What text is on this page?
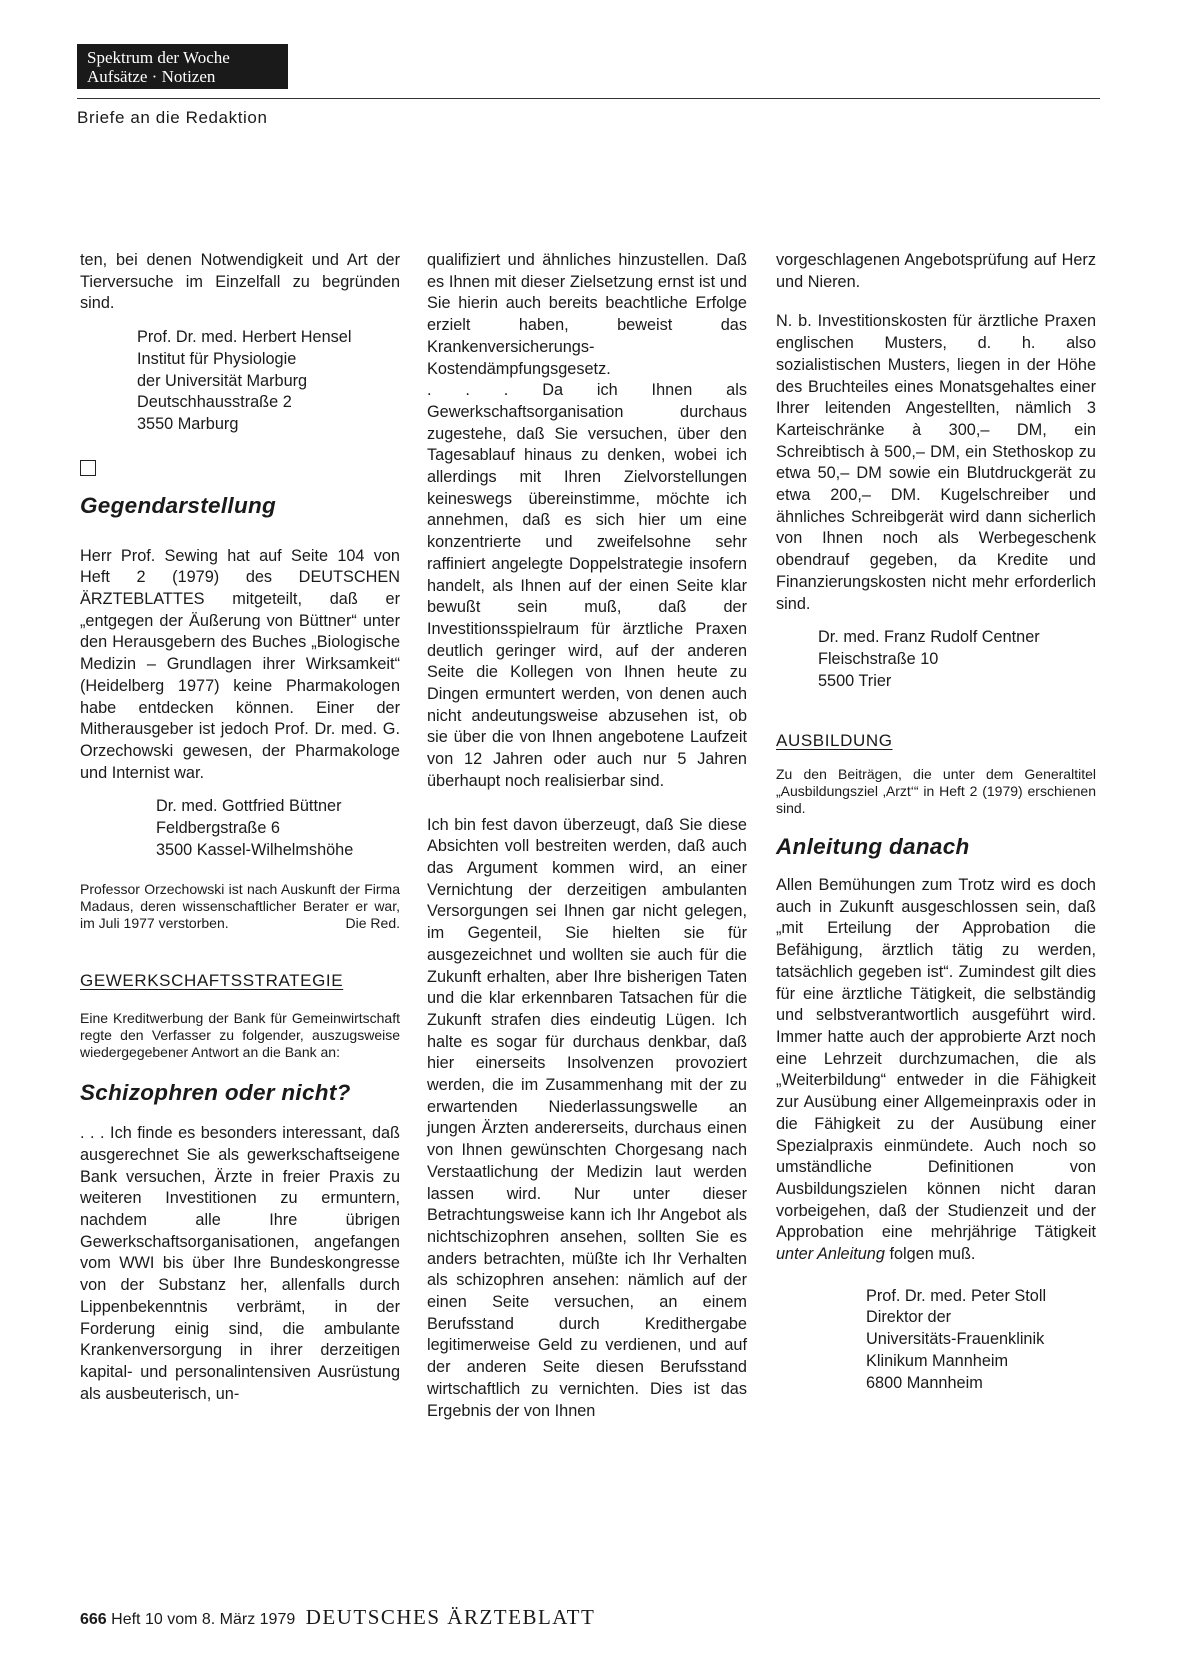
Spektrum der Woche
Aufsätze · Notizen
Briefe an die Redaktion

ten, bei denen Notwendigkeit und Art der Tierversuche im Einzelfall zu begründen sind.

Prof. Dr. med. Herbert Hensel
Institut für Physiologie
der Universität Marburg
Deutschhausstraße 2
3550 Marburg
Gegendarstellung

Herr Prof. Sewing hat auf Seite 104 von Heft 2 (1979) des DEUTSCHEN ÄRZTEBLATTES mitgeteilt, daß er „entgegen der Äußerung von Büttner“ unter den Herausgebern des Buches „Biologische Medizin – Grundlagen ihrer Wirksamkeit“ (Heidelberg 1977) keine Pharmakologen habe entdecken können. Einer der Mitherausgeber ist jedoch Prof. Dr. med. G. Orzechowski gewesen, der Pharmakologe und Internist war.

Dr. med. Gottfried Büttner
Feldbergstraße 6
3500 Kassel-Wilhelmshöhe

Professor Orzechowski ist nach Auskunft der Firma Madaus, deren wissenschaftlicher Berater er war, im Juli 1977 verstorben.	Die Red.

GEWERKSCHAFTSSTRATEGIE

Eine Kreditwerbung der Bank für Gemeinwirtschaft regte den Verfasser zu folgender, auszugsweise wiedergegebener Antwort an die Bank an:

Schizophren oder nicht?

. . . Ich finde es besonders interessant, daß ausgerechnet Sie als gewerkschaftseigene Bank versuchen, Ärzte in freier Praxis zu weiteren Investitionen zu ermuntern, nachdem alle Ihre übrigen Gewerkschaftsorganisationen, angefangen vom WWI bis über Ihre Bundeskongresse von der Substanz her, allenfalls durch Lippenbekenntnis verbrämt, in der Forderung einig sind, die ambulante Krankenversorgung in ihrer derzeitigen kapital- und personalintensiven Ausrüstung als ausbeuterisch, un-

qualifiziert und ähnliches hinzustellen. Daß es Ihnen mit dieser Zielsetzung ernst ist und Sie hierin auch bereits beachtliche Erfolge erzielt haben, beweist das Krankenversicherungs-Kostendämpfungsgesetz.

. . . Da ich Ihnen als Gewerkschaftsorganisation durchaus zugestehe, daß Sie versuchen, über den Tagesablauf hinaus zu denken, wobei ich allerdings mit Ihren Zielvorstellungen keineswegs übereinstimme, möchte ich annehmen, daß es sich hier um eine konzentrierte und zweifelsohne sehr raffiniert angelegte Doppelstrategie insofern handelt, als Ihnen auf der einen Seite klar bewußt sein muß, daß der Investitionsspielraum für ärztliche Praxen deutlich geringer wird, auf der anderen Seite die Kollegen von Ihnen heute zu Dingen ermuntert werden, von denen auch nicht andeutungsweise abzusehen ist, ob sie über die von Ihnen angebotene Laufzeit von 12 Jahren oder auch nur 5 Jahren überhaupt noch realisierbar sind.

Ich bin fest davon überzeugt, daß Sie diese Absichten voll bestreiten werden, daß auch das Argument kommen wird, an einer Vernichtung der derzeitigen ambulanten Versorgungen sei Ihnen gar nicht gelegen, im Gegenteil, Sie hielten sie für ausgezeichnet und wollten sie auch für die Zukunft erhalten, aber Ihre bisherigen Taten und die klar erkennbaren Tatsachen für die Zukunft strafen dies eindeutig Lügen. Ich halte es sogar für durchaus denkbar, daß hier einerseits Insolvenzen provoziert werden, die im Zusammenhang mit der zu erwartenden Niederlassungswelle an jungen Ärzten andererseits, durchaus einen von Ihnen gewünschten Chorgesang nach Verstaatlichung der Medizin laut werden lassen wird. Nur unter dieser Betrachtungsweise kann ich Ihr Angebot als nichtschizophren ansehen, sollten Sie es anders betrachten, müßte ich Ihr Verhalten als schizophren ansehen: nämlich auf der einen Seite versuchen, an einem Berufsstand durch Kredithergabe legitimerweise Geld zu verdienen, und auf der anderen Seite diesen Berufsstand wirtschaftlich zu vernichten. Dies ist das Ergebnis der von Ihnen

vorgeschlagenen Angebotsprüfung auf Herz und Nieren.

N. b. Investitionskosten für ärztliche Praxen englischen Musters, d. h. also sozialistischen Musters, liegen in der Höhe des Bruchteiles eines Monatsgehaltes einer Ihrer leitenden Angestellten, nämlich 3 Karteischränke à 300,– DM, ein Schreibtisch à 500,– DM, ein Stethoskop zu etwa 50,– DM sowie ein Blutdruckgerät zu etwa 200,– DM. Kugelschreiber und ähnliches Schreibgerät wird dann sicherlich von Ihnen noch als Werbegeschenk obendrauf gegeben, da Kredite und Finanzierungskosten nicht mehr erforderlich sind.

Dr. med. Franz Rudolf Centner
Fleischstraße 10
5500 Trier

AUSBILDUNG

Zu den Beiträgen, die unter dem Generaltitel „Ausbildungsziel ‚Arzt‘“ in Heft 2 (1979) erschienen sind.

Anleitung danach

Allen Bemühungen zum Trotz wird es doch auch in Zukunft ausgeschlossen sein, daß „mit Erteilung der Approbation die Befähigung, ärztlich tätig zu werden, tatsächlich gegeben ist“. Zumindest gilt dies für eine ärztliche Tätigkeit, die selbständig und selbstverantwortlich ausgeführt wird. Immer hatte auch der approbierte Arzt noch eine Lehrzeit durchzumachen, die als „Weiterbildung“ entweder in die Fähigkeit zur Ausübung einer Allgemeinpraxis oder in die Fähigkeit zu der Ausübung einer Spezialpraxis einmündete. Auch noch so umständliche Definitionen von Ausbildungszielen können nicht daran vorbeigehen, daß der Studienzeit und der Approbation eine mehrjährige Tätigkeit unter Anleitung folgen muß.

Prof. Dr. med. Peter Stoll
Direktor der
Universitäts-Frauenklinik
Klinikum Mannheim
6800 Mannheim
666 Heft 10 vom 8. März 1979 DEUTSCHES ÄRZTEBLATT
